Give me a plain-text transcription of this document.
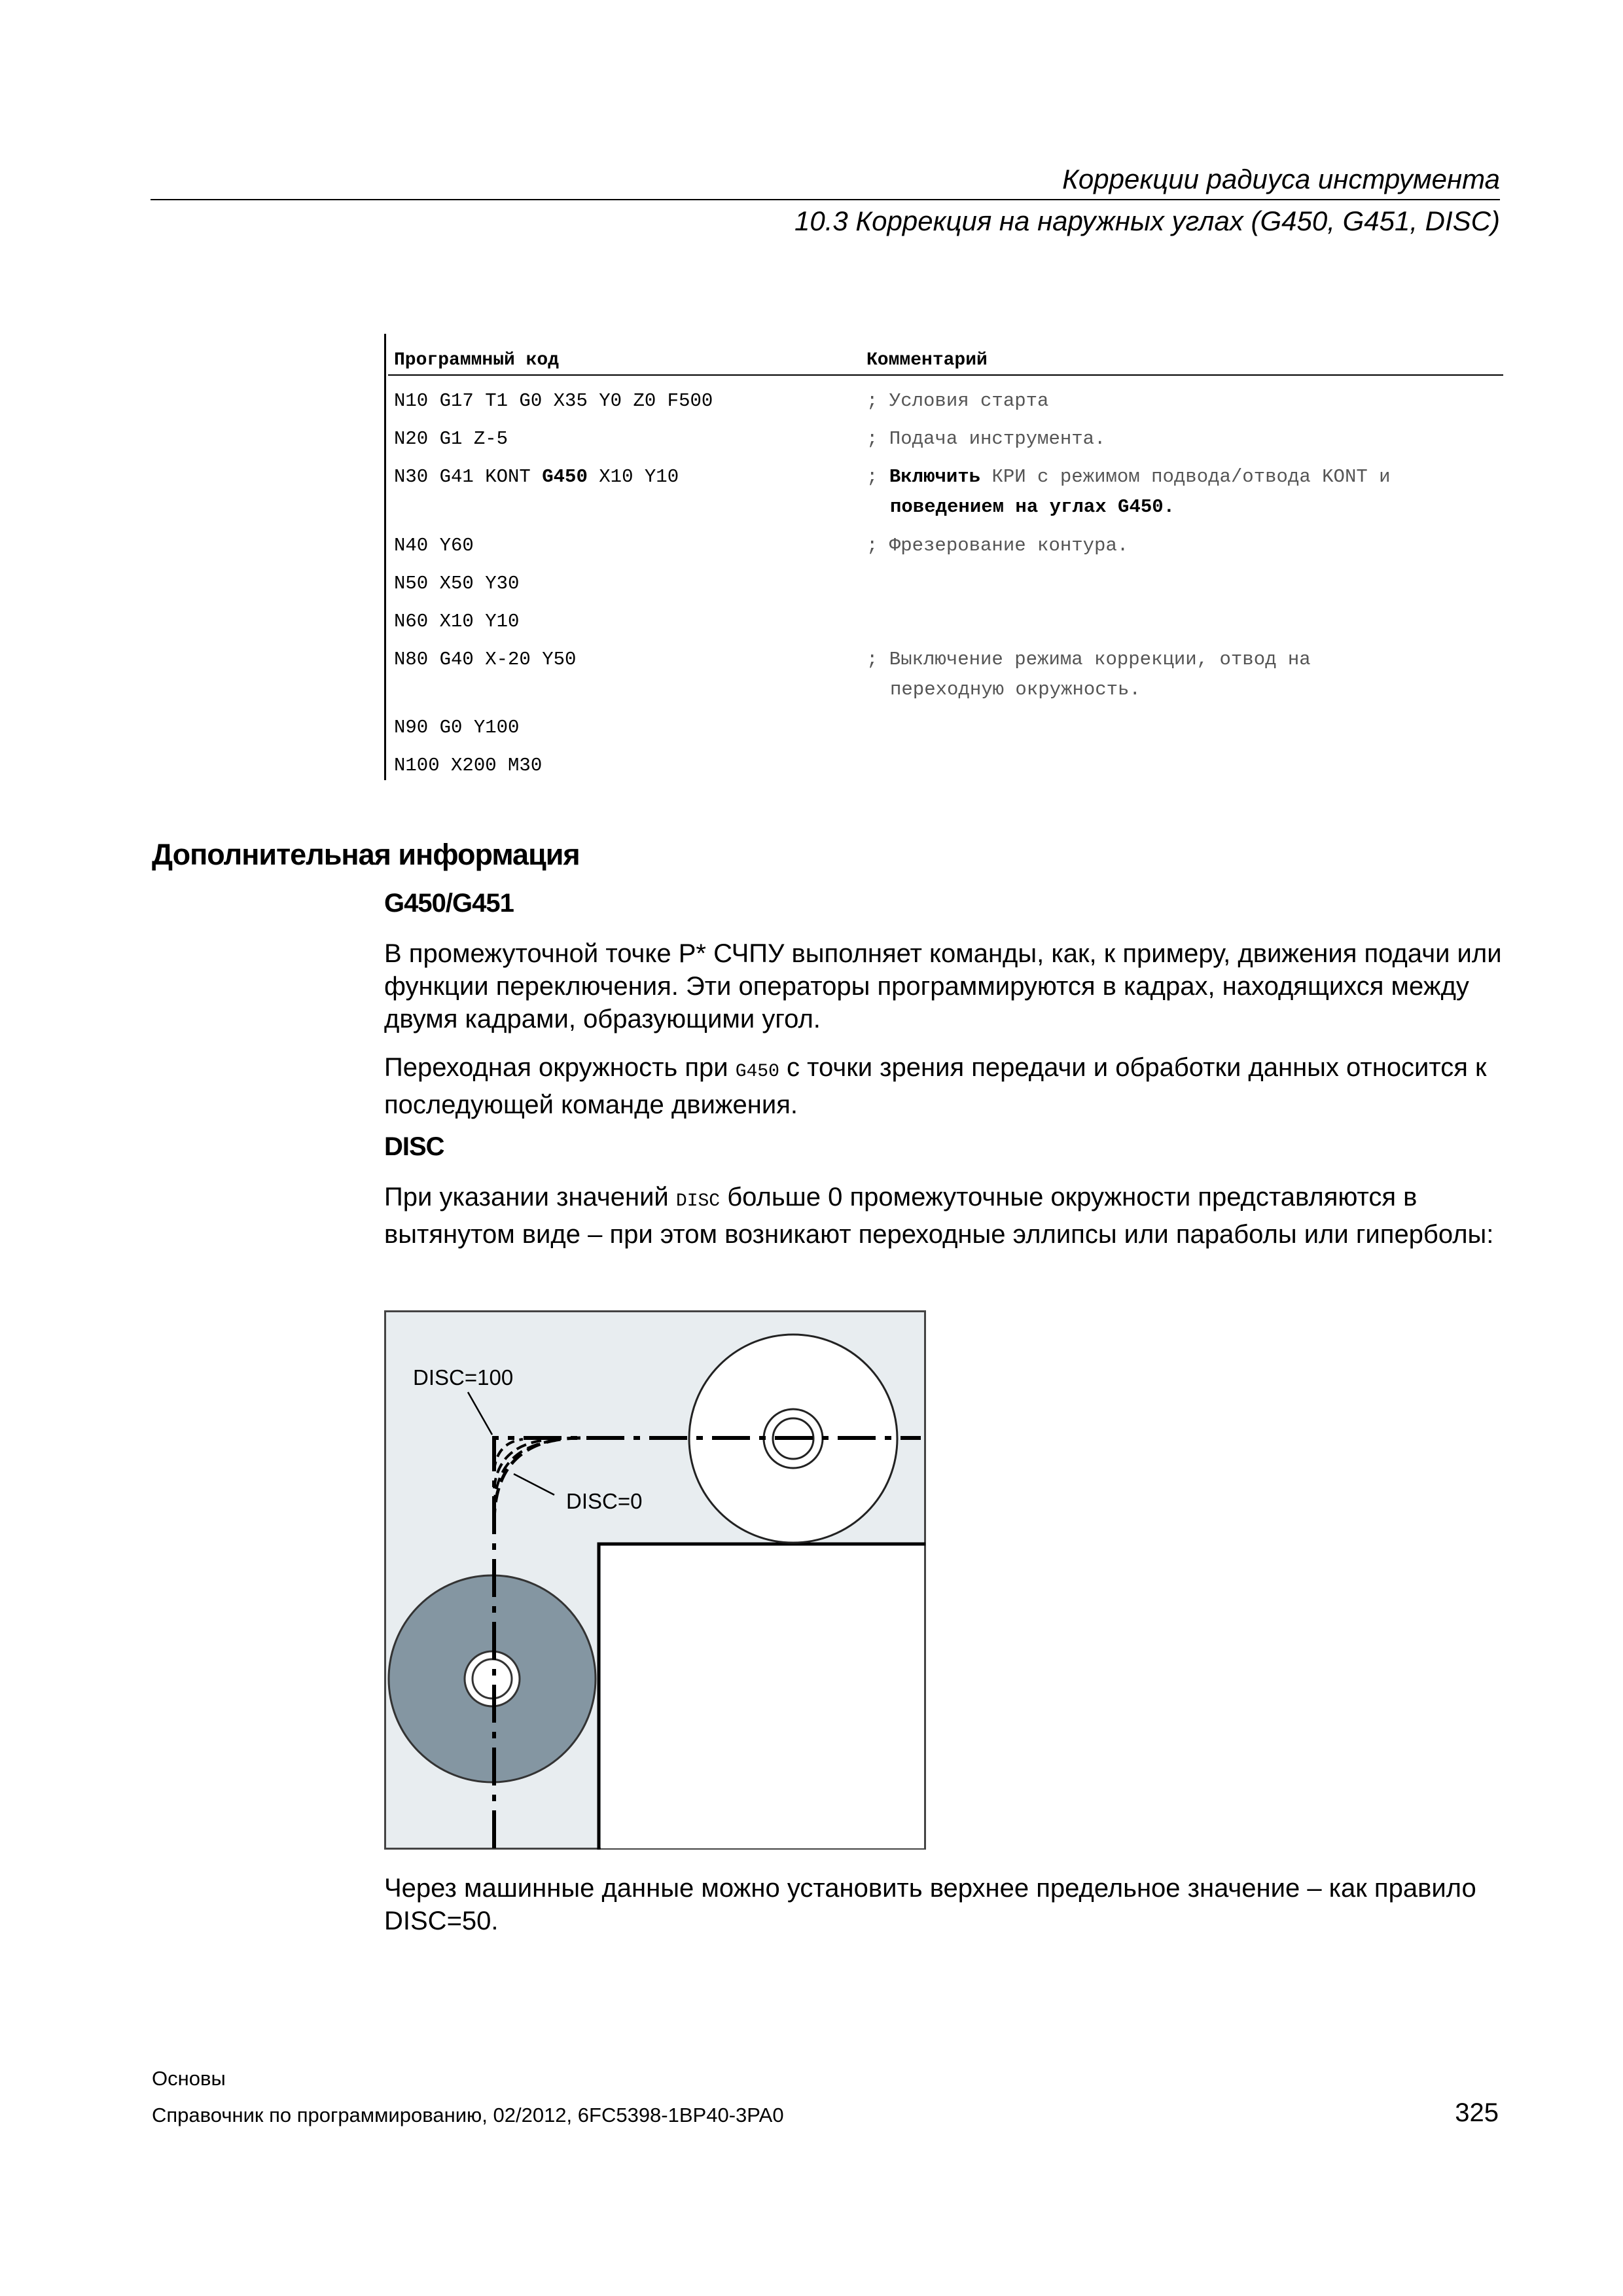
Коррекции радиуса инструмента
10.3 Коррекция на наружных углах (G450, G451, DISC)
Программный код	Комментарий
N10 G17 T1 G0 X35 Y0 Z0 F500	; Условия старта
N20 G1 Z-5	; Подача инструмента.
N30 G41 KONT G450 X10 Y10	; Включить КРИ с режимом подвода/отвода KONT и
поведением на углах G450.
N40 Y60	; Фрезерование контура.
N50 X50 Y30
N60 X10 Y10
N80 G40 X-20 Y50	; Выключение режима коррекции, отвод на
переходную окружность.
N90 G0 Y100
N100 X200 M30
Дополнительная информация
G450/G451
В промежуточной точке P* СЧПУ выполняет команды, как, к примеру, движения подачи или функции переключения. Эти операторы программируются в кадрах, находящихся между двумя кадрами, образующими угол.
Переходная окружность при G450 с точки зрения передачи и обработки данных относится к последующей команде движения.
DISC
При указании значений DISC больше 0 промежуточные окружности представляются в вытянутом виде – при этом возникают переходные эллипсы или параболы или гиперболы:
DISC=100
DISC=0
Через машинные данные можно установить верхнее предельное значение – как правило DISC=50.
Основы
Справочник по программированию, 02/2012, 6FC5398-1BP40-3PA0	325
